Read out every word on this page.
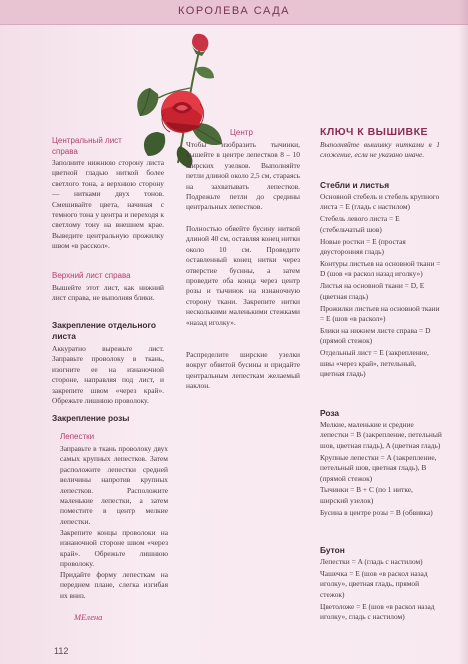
КОРОЛЕВА САДА
Центральный лист справа
Заполните нижнюю сторону листа цветной гладью ниткой более светлого тона, а верхнюю сторону — нитками двух тонов. Смешивайте цвета, начиная с темного тона у центра и переходя к светлому тону на внешнем крае. Выведите центральную прожилку швом «в расскол».
Верхний лист справа
Вышейте этот лист, как нижний лист справа, не выполняя блики.
Закрепление отдельного листа
Аккуратно вырежьте лист. Заправьте проволоку в ткань, изогните ее на изнаночной стороне, направляя под лист, и закрепите швом «через край». Обрежьте лишнюю проволоку.
Закрепление розы
Лепестки
Заправьте в ткань проволоку двух самых крупных лепестков. Затем расположите лепестки средней величины напротив крупных лепестков. Расположите маленькие лепестки, а затем поместите в центр мелкие лепестки.
Закрепите концы проволоки на изнаночной стороне швом «через край». Обрежьте лишнюю проволоку.
Придайте форму лепесткам на переднем плане, слегка изгибая их вниз.
MЕлена
112
Центр
Чтобы изобразить тычинки, вышейте в центре лепестков 8 – 10 ширских узелков. Выполняйте петли длиной около 2,5 см, стараясь на захватывать лепестков. Подрежьте петли до средины центральных лепестков.
Полностью обвейте бусину ниткой длиной 40 см, оставляя конец нитки около 10 см. Проведите оставленный конец нитки через отверстие бусины, а затем проведите оба конца через центр розы и тычинок на изнаночную сторону ткани. Закрепите нитки несколькими маленькими стежками «назад иголку».
Распределите ширские узелки вокруг обвитой бусины и придайте центральным лепесткам желаемый наклон.
КЛЮЧ К ВЫШИВКЕ
Выполняйте вышивку нитками в 1 сложение, если не указано иначе.
Стебли и листья
Основной стебель и стебель крупного листа = E (гладь с настилом)
Стебель левого листа = E (стебельчатый шов)
Новые ростки = E (простая двусторонняя гладь)
Контуры листьев на основной ткани = D (шов «в раскол назад иголку»)
Листья на основной ткани = D, E (цветная гладь)
Прожилки листьев на основной ткани = E (шов «в раскол»)
Блики на нижнем листе справа = D (прямой стежок)
Отдельный лист = E (закрепление, швы «через край», петельный, цветная гладь)
Роза
Мелкие, маленькие и средние лепестки = B (закрепление, петельный шов, цветная гладь), A (цветная гладь)
Крупные лепестки = A (закрепление, петельный шов, цветная гладь), B (прямой стежок)
Тычинки = B + C (по 1 нитке, ширский узелок)
Бусина в центре розы = B (обвивка)
Бутон
Лепестки = A (гладь с настилом)
Чашечка = E (шов «в раскол назад иголку», цветная гладь, прямой стежок)
Цветоложе = E (шов «в раскол назад иголку», гладь с настилом)
